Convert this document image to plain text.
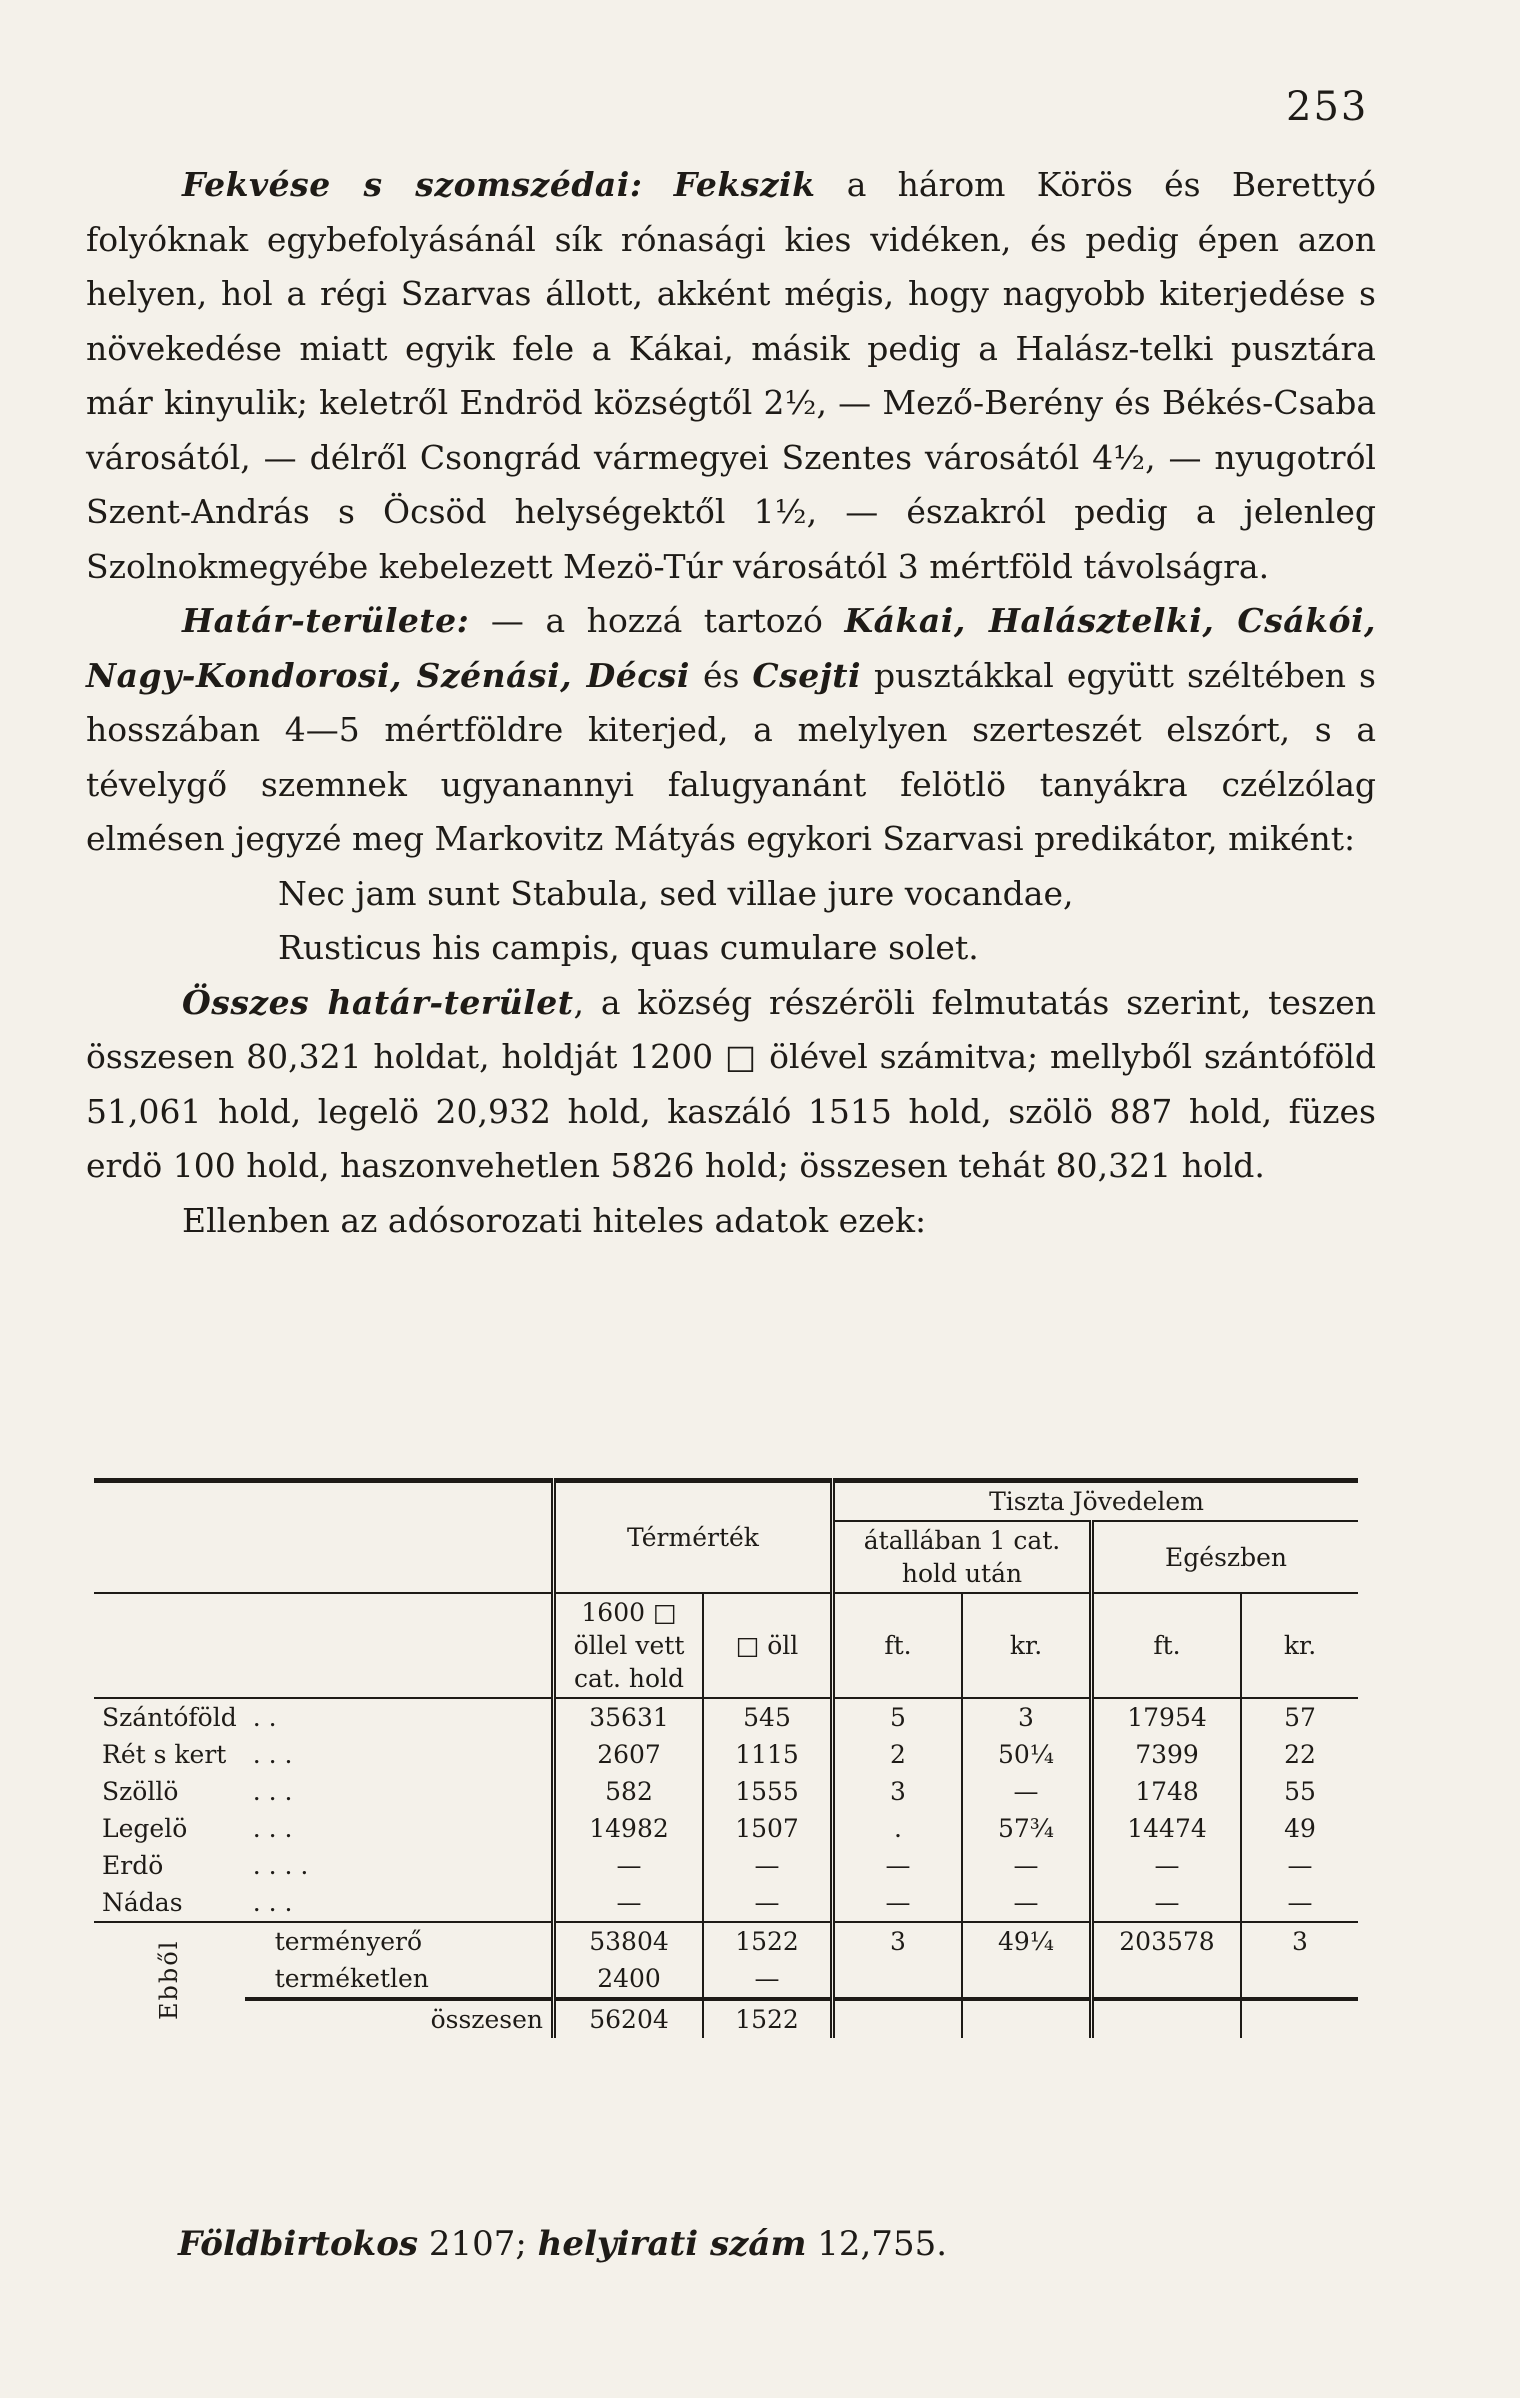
253

Fekvése s szomszédai: Fekszik a három Körös és Berettyó folyóknak egybefolyásánál sík rónasági kies vidéken, és pedig épen azon helyen, hol a régi Szarvas állott, akként mégis, hogy nagyobb kiterjedése s növekedése miatt egyik fele a Kákai, másik pedig a Halász-telki pusztára már kinyulik; keletről Endröd községtől 2½, — Mező-Berény és Békés-Csaba városától, — délről Csongrád vármegyei Szentes városától 4½, — nyugotról Szent-András s Öcsöd helységektől 1½, — északról pedig a jelenleg Szolnokmegyébe kebelezett Mezö-Túr városától 3 mértföld távolságra.

Határ-területe: — a hozzá tartozó Kákai, Halásztelki, Csákói, Nagy-Kondorosi, Szénási, Décsi és Csejti pusztákkal együtt széltében s hosszában 4—5 mértföldre kiterjed, a melylyen szerteszét elszórt, s a tévelygő szemnek ugyanannyi falugyanánt felötlö tanyákra czélzólag elmésen jegyzé meg Markovitz Mátyás egykori Szarvasi predikátor, miként:
Nec jam sunt Stabula, sed villae jure vocandae,
Rusticus his campis, quas cumulare solet.

Összes határ-terület, a község részéröli felmutatás szerint, teszen összesen 80,321 holdat, holdját 1200 □ ölével számitva; mellyből szántóföld 51,061 hold, legelö 20,932 hold, kaszáló 1515 hold, szölö 887 hold, füzes erdö 100 hold, haszonvehetlen 5826 hold; összesen tehát 80,321 hold.

Ellenben az adósorozati hiteles adatok ezek:

		Térmérték		Tiszta Jövedelem			
				átallában 1 cat. hold után		Egészben	
		1600 □ öllel vett cat. hold	□ öll	ft.	kr.	ft.	kr.
Szántóföld	. .	35631	545	5	3	17954	57
Rét s kert	. . .	2607	1115	2	50¼	7399	22
Szöllö	. . .	582	1555	3	—	1748	55
Legelö	. . .	14982	1507	.	57¾	14474	49
Erdö	. . . .	—	—	—	—	—	—
Nádas	. . .	—	—	—	—	—	—
Ebből	terményerő	53804	1522	3	49¼	203578	3
	terméketlen	2400	—				
	összesen	56204	1522				
Földbirtokos 2107; helyirati szám 12,755.
